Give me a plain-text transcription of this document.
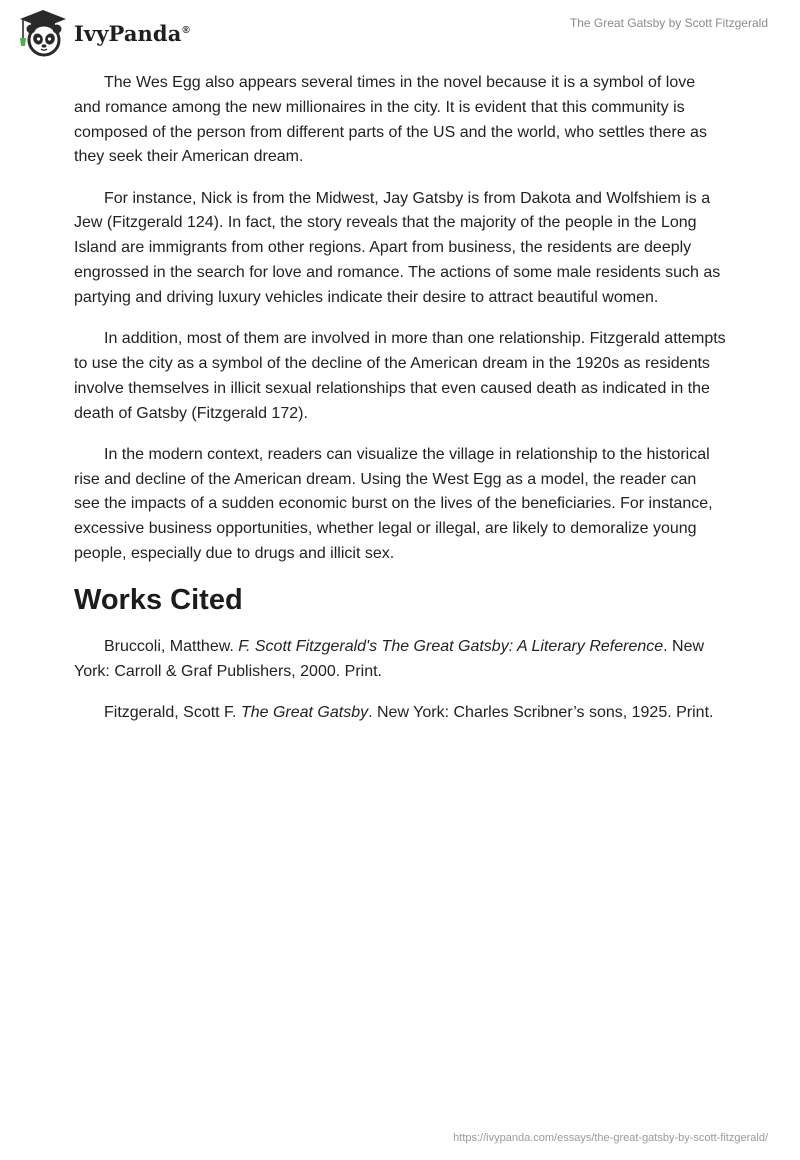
IvyPanda®	The Great Gatsby by Scott Fitzgerald

The Wes Egg also appears several times in the novel because it is a symbol of love and romance among the new millionaires in the city. It is evident that this community is composed of the person from different parts of the US and the world, who settles there as they seek their American dream.

For instance, Nick is from the Midwest, Jay Gatsby is from Dakota and Wolfshiem is a Jew (Fitzgerald 124). In fact, the story reveals that the majority of the people in the Long Island are immigrants from other regions. Apart from business, the residents are deeply engrossed in the search for love and romance. The actions of some male residents such as partying and driving luxury vehicles indicate their desire to attract beautiful women.

In addition, most of them are involved in more than one relationship. Fitzgerald attempts to use the city as a symbol of the decline of the American dream in the 1920s as residents involve themselves in illicit sexual relationships that even caused death as indicated in the death of Gatsby (Fitzgerald 172).

In the modern context, readers can visualize the village in relationship to the historical rise and decline of the American dream. Using the West Egg as a model, the reader can see the impacts of a sudden economic burst on the lives of the beneficiaries. For instance, excessive business opportunities, whether legal or illegal, are likely to demoralize young people, especially due to drugs and illicit sex.

Works Cited

Bruccoli, Matthew. F. Scott Fitzgerald's The Great Gatsby: A Literary Reference. New York: Carroll & Graf Publishers, 2000. Print.

Fitzgerald, Scott F. The Great Gatsby. New York: Charles Scribner’s sons, 1925. Print.

https://ivypanda.com/essays/the-great-gatsby-by-scott-fitzgerald/
